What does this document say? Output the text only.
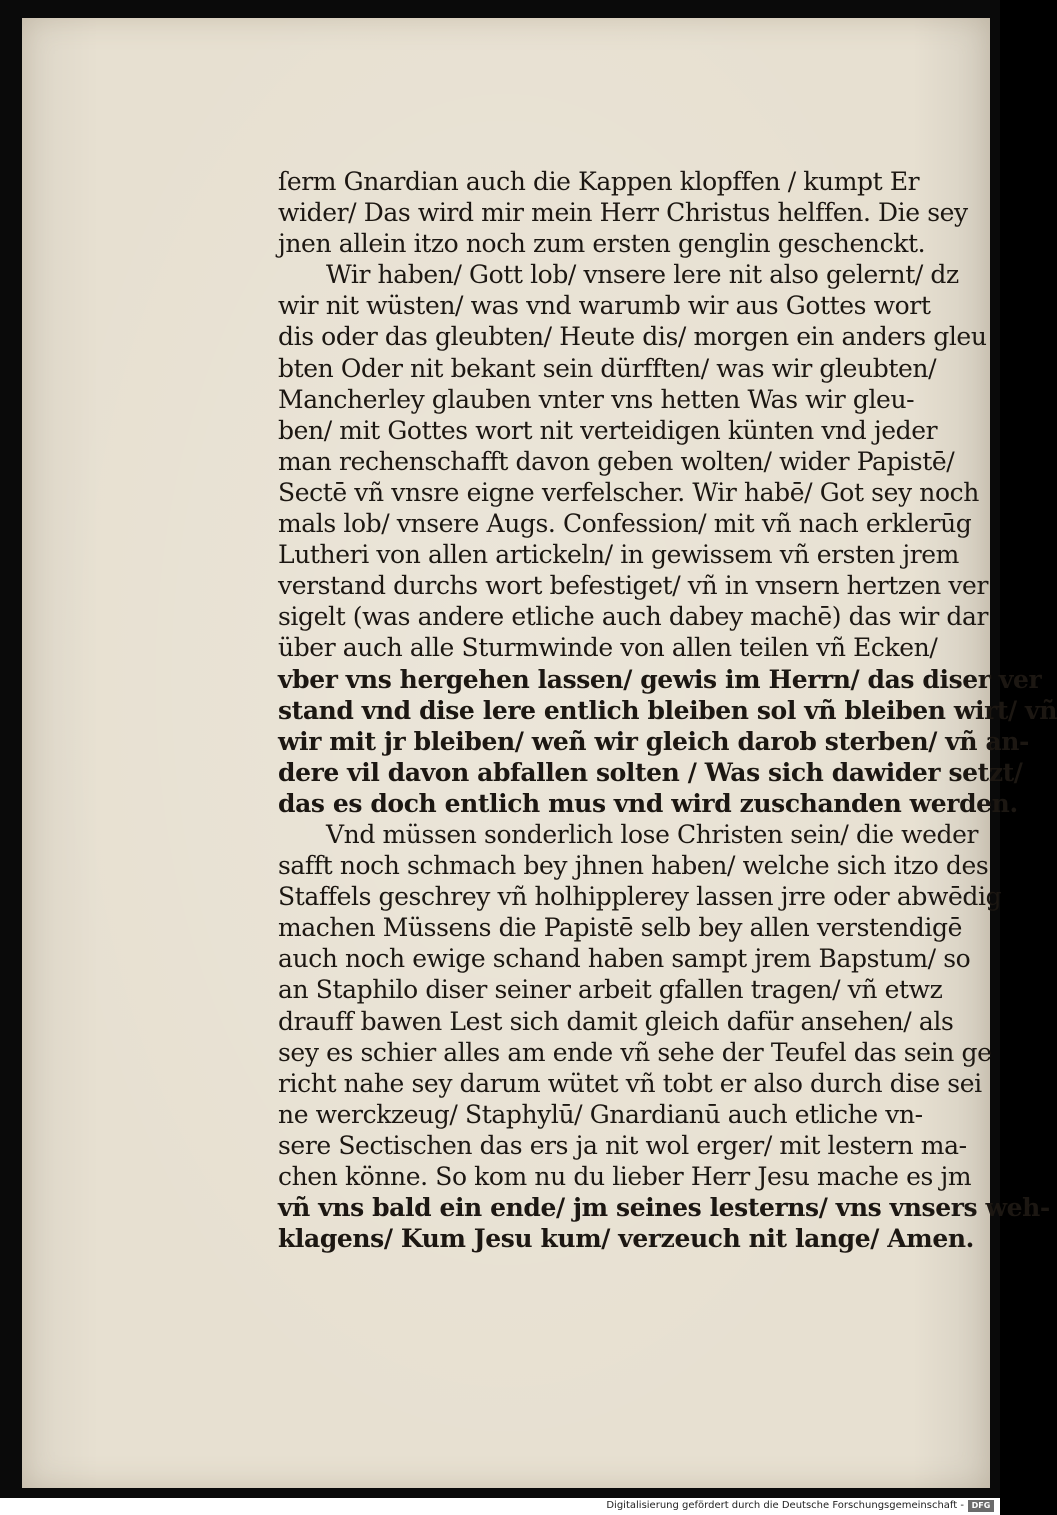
ſerm Gnardian auch die Kappen klopffen / kumpt Er
wider/ Das wird mir mein Herr Christus helffen. Die sey
jnen allein itzo noch zum ersten genglin geschenckt.
Wir haben/ Gott lob/ vnsere lere nit also gelernt/ dz
wir nit wüsten/ was vnd warumb wir aus Gottes wort
dis oder das gleubten/ Heute dis/ morgen ein anders gleu
bten Oder nit bekant sein dürfften/ was wir gleubten/
Mancherley glauben vnter vns hetten Was wir gleu-
ben/ mit Gottes wort nit verteidigen künten vnd jeder
man rechenschafft davon geben wolten/ wider Papistē/
Sectē vñ vnsre eigne verfelscher. Wir habē/ Got sey noch
mals lob/ vnsere Augs. Confession/ mit vñ nach erklerūg
Lutheri von allen artickeln/ in gewissem vñ ersten jrem
verstand durchs wort befestiget/ vñ in vnsern hertzen ver
sigelt (was andere etliche auch dabey machē) das wir dar
über auch alle Sturmwinde von allen teilen vñ Ecken/
vber vns hergehen lassen/ gewis im Herrn/ das diser ver
stand vnd dise lere entlich bleiben sol vñ bleiben wirt/ vñ
wir mit jr bleiben/ weñ wir gleich darob sterben/ vñ an-
dere vil davon abfallen solten / Was sich dawider setzt/
das es doch entlich mus vnd wird zuschanden werden.
Vnd müssen sonderlich lose Christen sein/ die weder
safft noch schmach bey jhnen haben/ welche sich itzo des
Staffels geschrey vñ holhipplerey lassen jrre oder abwēdig
machen Müssens die Papistē selb bey allen verstendigē
auch noch ewige schand haben sampt jrem Bapstum/ so
an Staphilo diser seiner arbeit gfallen tragen/ vñ etwz
drauff bawen Lest sich damit gleich dafür ansehen/ als
sey es schier alles am ende vñ sehe der Teufel das sein ge
richt nahe sey darum wütet vñ tobt er also durch dise sei
ne werckzeug/ Staphylū/ Gnardianū auch etliche vn-
sere Sectischen das ers ja nit wol erger/ mit lestern ma-
chen könne. So kom nu du lieber Herr Jesu mache es jm
vñ vns bald ein ende/ jm seines lesterns/ vns vnsers weh-
klagens/ Kum Jesu kum/ verzeuch nit lange/ Amen.
Digitalisierung gefördert durch die Deutsche Forschungsgemeinschaft - DFG
